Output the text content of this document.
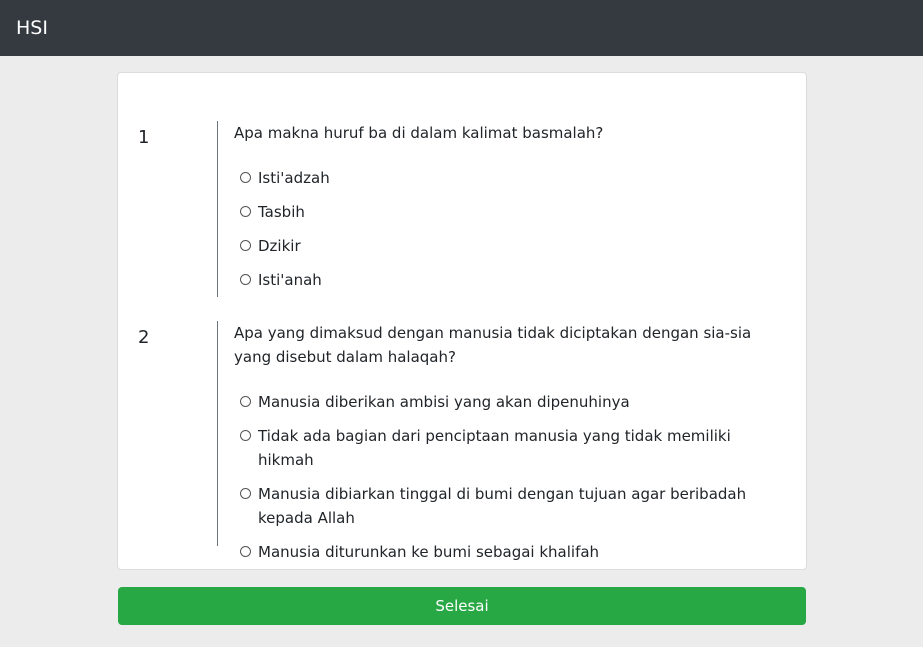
HSI
1	Apa makna huruf ba di dalam kalimat basmalah?
Isti'adzah
Tasbih
Dzikir
Isti'anah
2	Apa yang dimaksud dengan manusia tidak diciptakan dengan sia-sia yang disebut dalam halaqah?
Manusia diberikan ambisi yang akan dipenuhinya
Tidak ada bagian dari penciptaan manusia yang tidak memiliki hikmah
Manusia dibiarkan tinggal di bumi dengan tujuan agar beribadah kepada Allah
Manusia diturunkan ke bumi sebagai khalifah
Selesai
